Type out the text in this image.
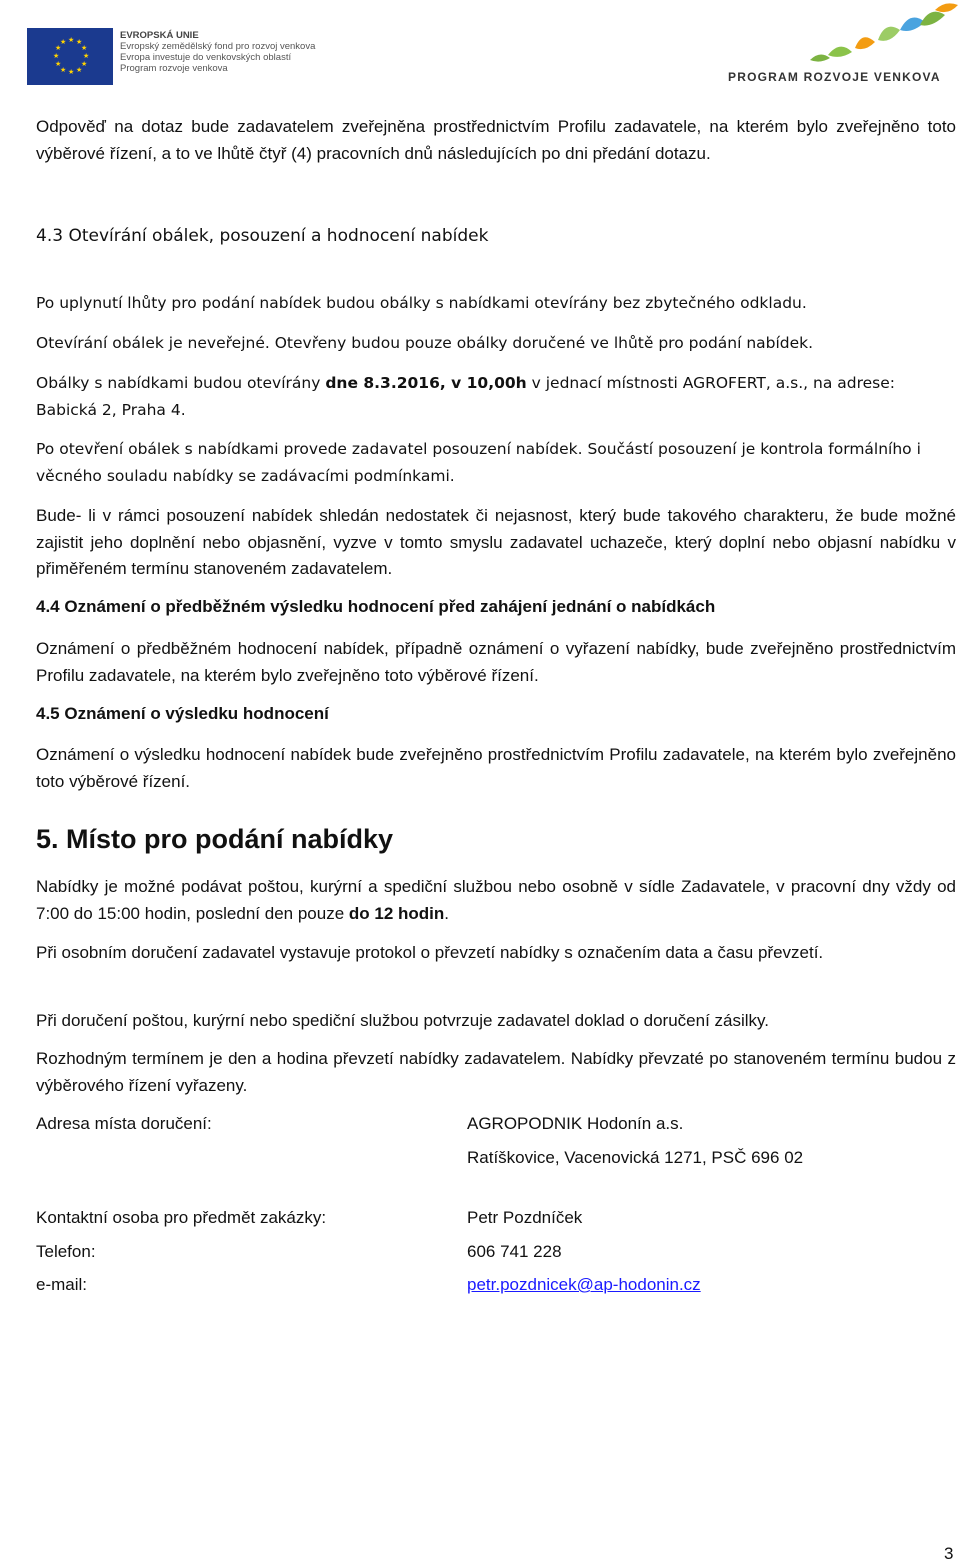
★ ★
★
★
★
★
★
★
★
★
★
★
EVROPSKÁ UNIE
Evropský zemědělský fond pro rozvoj venkova
Evropa investuje do venkovských oblastí
Program rozvoje venkova
PROGRAM ROZVOJE VENKOVA

Odpověď na dotaz bude zadavatelem zveřejněna prostřednictvím Profilu zadavatele, na kterém bylo zveřejněno toto výběrové řízení, a to ve lhůtě čtyř (4) pracovních dnů následujících po dni předání dotazu.

4.3 Otevírání obálek, posouzení a hodnocení nabídek

Po uplynutí lhůty pro podání nabídek budou obálky s nabídkami otevírány bez zbytečného odkladu.

Otevírání obálek je neveřejné. Otevřeny budou pouze obálky doručené ve lhůtě pro podání nabídek.

Obálky s nabídkami budou otevírány dne 8.3.2016, v 10,00h v jednací místnosti AGROFERT, a.s., na adrese: Babická 2, Praha 4.

Po otevření obálek s nabídkami provede zadavatel posouzení nabídek. Součástí posouzení je kontrola formálního i věcného souladu nabídky se zadávacími podmínkami.

Bude- li v rámci posouzení nabídek shledán nedostatek či nejasnost, který bude takového charakteru, že bude možné zajistit jeho doplnění nebo objasnění, vyzve v tomto smyslu zadavatel uchazeče, který doplní nebo objasní nabídku v přiměřeném termínu stanoveném zadavatelem.

4.4 Oznámení o předběžném výsledku hodnocení před zahájení jednání o nabídkách

Oznámení o předběžném hodnocení nabídek, případně oznámení o vyřazení nabídky, bude zveřejněno prostřednictvím Profilu zadavatele, na kterém bylo zveřejněno toto výběrové řízení.

4.5 Oznámení o výsledku hodnocení

Oznámení o výsledku hodnocení nabídek bude zveřejněno prostřednictvím Profilu zadavatele, na kterém bylo zveřejněno toto výběrové řízení.

5. Místo pro podání nabídky

Nabídky je možné podávat poštou, kurýrní a spediční službou nebo osobně v sídle Zadavatele, v pracovní dny vždy od 7:00 do 15:00 hodin, poslední den pouze do 12 hodin.

Při osobním doručení zadavatel vystavuje protokol o převzetí nabídky s označením data a času převzetí.

Při doručení poštou, kurýrní nebo spediční službou potvrzuje zadavatel doklad o doručení zásilky.

Rozhodným termínem je den a hodina převzetí nabídky zadavatelem. Nabídky převzaté po stanoveném termínu budou z výběrového řízení vyřazeny.

Adresa místa doručení:	AGROPODNIK Hodonín a.s.
Ratíškovice, Vacenovická 1271, PSČ 696 02
Kontaktní osoba pro předmět zakázky:	Petr Pozdníček
Telefon:	606 741 228
e-mail:	petr.pozdnicek@ap-hodonin.cz
3
